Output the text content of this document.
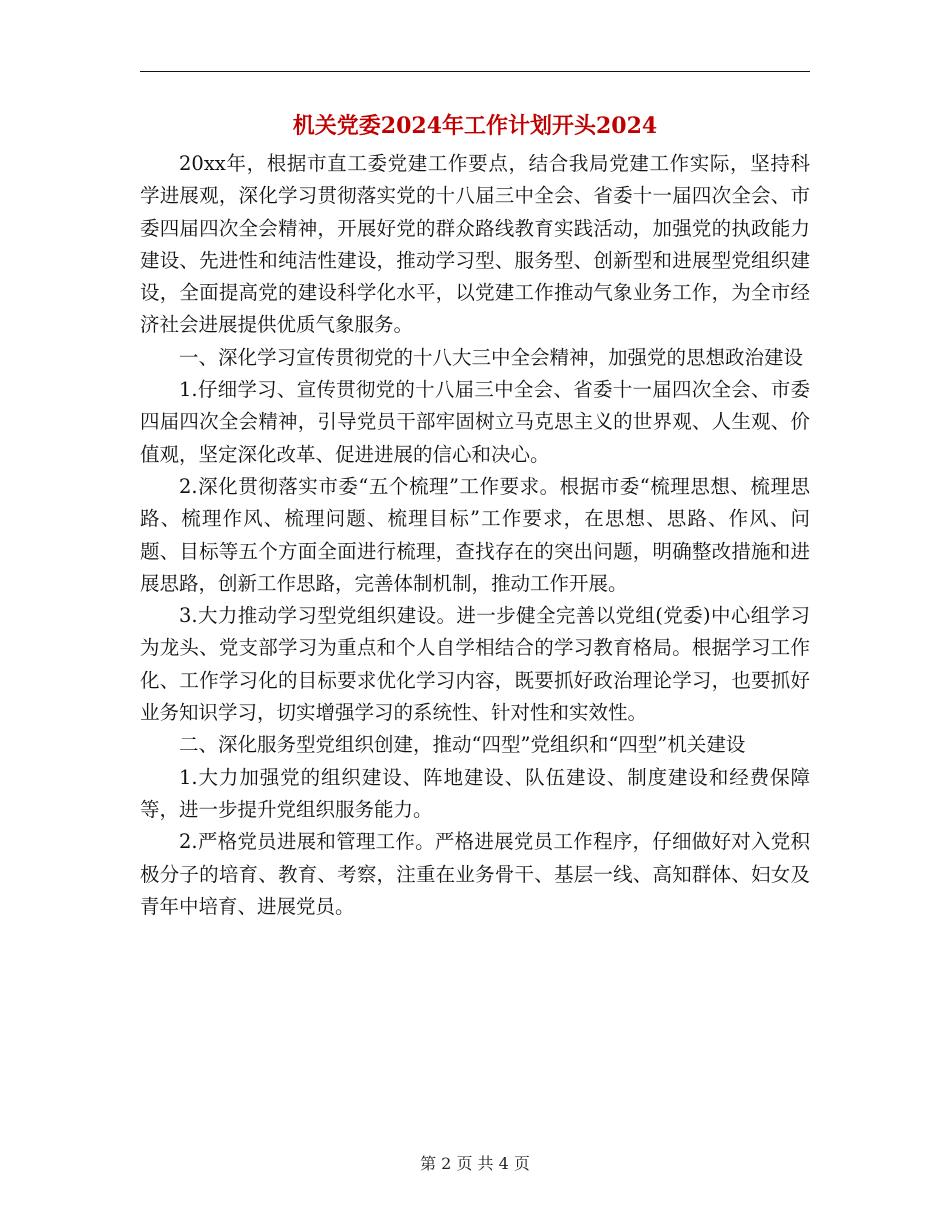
机关党委2024年工作计划开头2024

20xx年，根据市直工委党建工作要点，结合我局党建工作实际，坚持科学进展观，深化学习贯彻落实党的十八届三中全会、省委十一届四次全会、市委四届四次全会精神，开展好党的群众路线教育实践活动，加强党的执政能力建设、先进性和纯洁性建设，推动学习型、服务型、创新型和进展型党组织建设，全面提高党的建设科学化水平，以党建工作推动气象业务工作，为全市经济社会进展提供优质气象服务。

一、深化学习宣传贯彻党的十八大三中全会精神，加强党的思想政治建设

1.仔细学习、宣传贯彻党的十八届三中全会、省委十一届四次全会、市委四届四次全会精神，引导党员干部牢固树立马克思主义的世界观、人生观、价值观，坚定深化改革、促进进展的信心和决心。

2.深化贯彻落实市委“五个梳理”工作要求。根据市委“梳理思想、梳理思路、梳理作风、梳理问题、梳理目标”工作要求，在思想、思路、作风、问题、目标等五个方面全面进行梳理，查找存在的突出问题，明确整改措施和进展思路，创新工作思路，完善体制机制，推动工作开展。

3.大力推动学习型党组织建设。进一步健全完善以党组(党委)中心组学习为龙头、党支部学习为重点和个人自学相结合的学习教育格局。根据学习工作化、工作学习化的目标要求优化学习内容，既要抓好政治理论学习，也要抓好业务知识学习，切实增强学习的系统性、针对性和实效性。

二、深化服务型党组织创建，推动“四型”党组织和“四型”机关建设

1.大力加强党的组织建设、阵地建设、队伍建设、制度建设和经费保障等，进一步提升党组织服务能力。

2.严格党员进展和管理工作。严格进展党员工作程序，仔细做好对入党积极分子的培育、教育、考察，注重在业务骨干、基层一线、高知群体、妇女及青年中培育、进展党员。

第 2 页 共 4 页
